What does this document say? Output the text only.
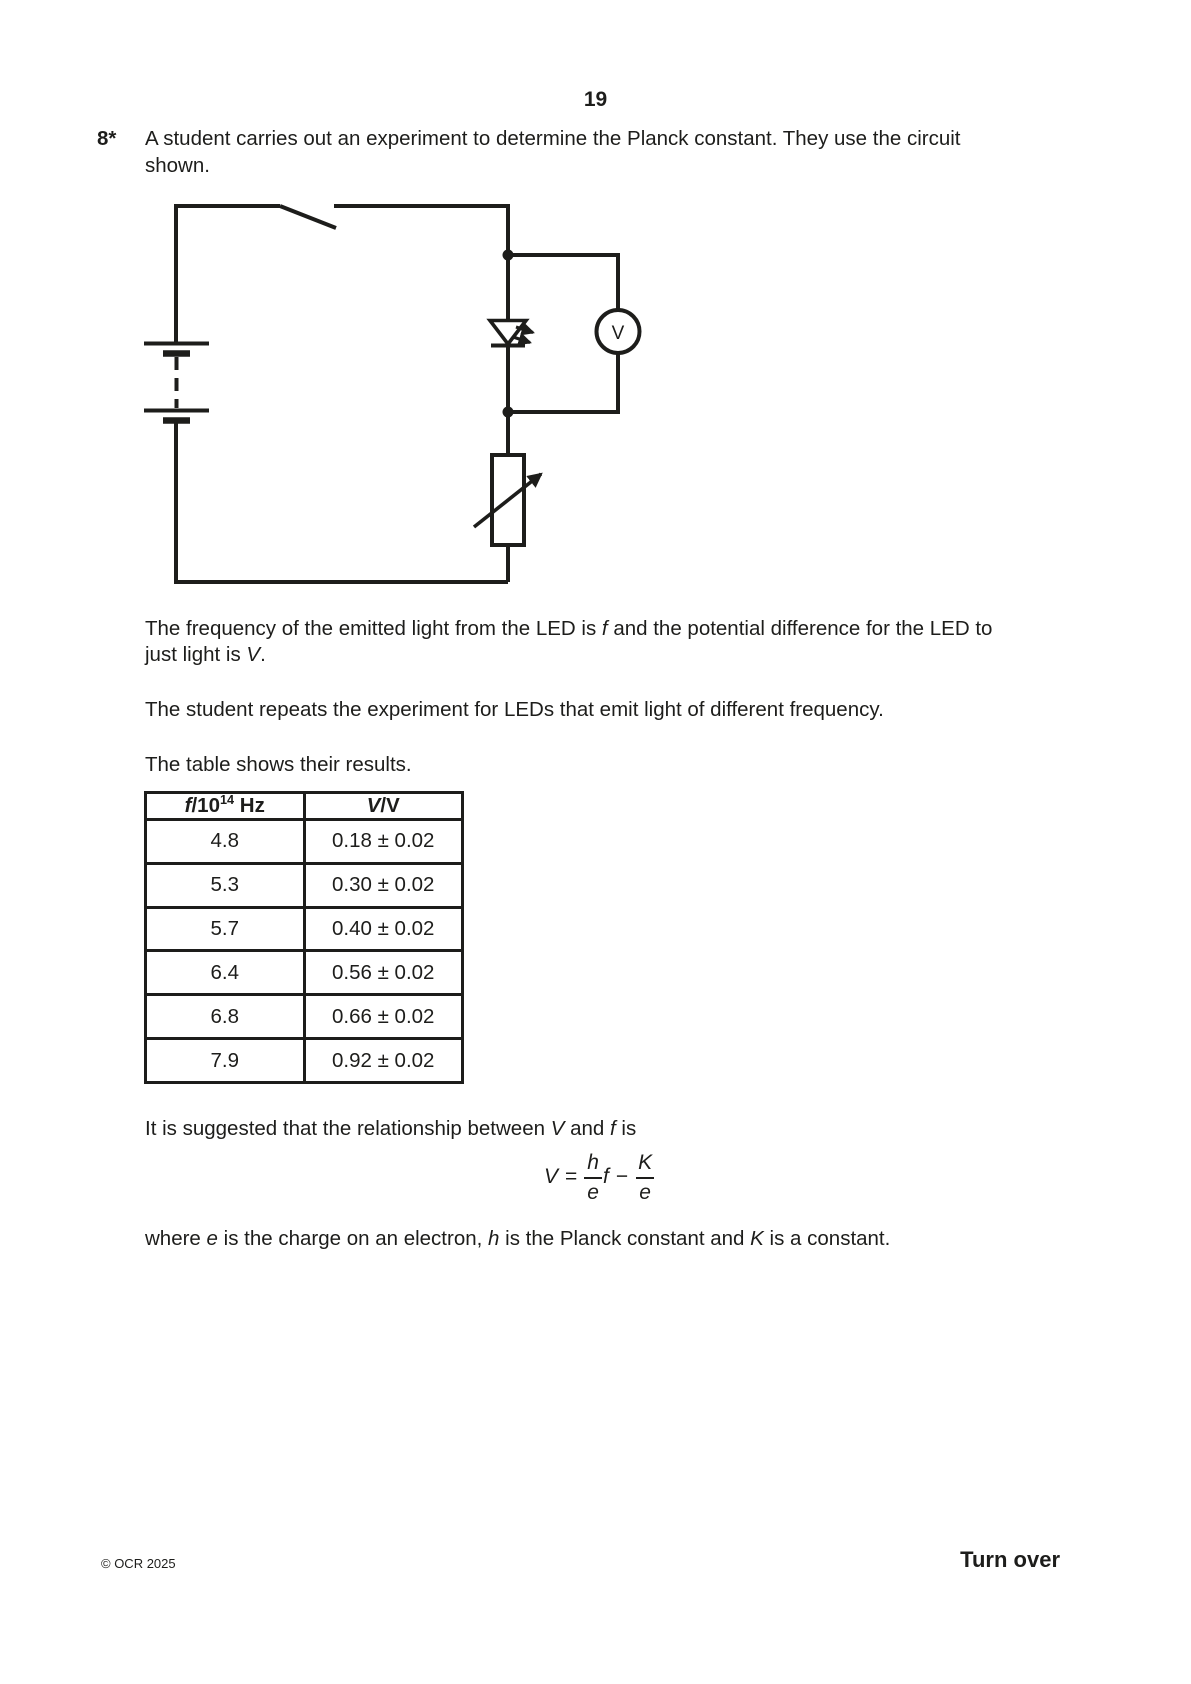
19
8* A student carries out an experiment to determine the Planck constant. They use the circuit
shown.
V
The frequency of the emitted light from the LED is f and the potential difference for the LED to
just light is V.
The student repeats the experiment for LEDs that emit light of different frequency.
The table shows their results.
$f/10^{14}$ Hz	V/V
4.8	0.18 ± 0.02
5.3	0.30 ± 0.02
5.7	0.40 ± 0.02
6.4	0.56 ± 0.02
6.8	0.66 ± 0.02
7.9	0.92 ± 0.02
It is suggested that the relationship between V and f is
$V = \frac{h}{e}$ $f - \frac{K}{e}$
where e is the charge on an electron, h is the Planck constant and K is a constant.
© OCR 2025	Turn over
